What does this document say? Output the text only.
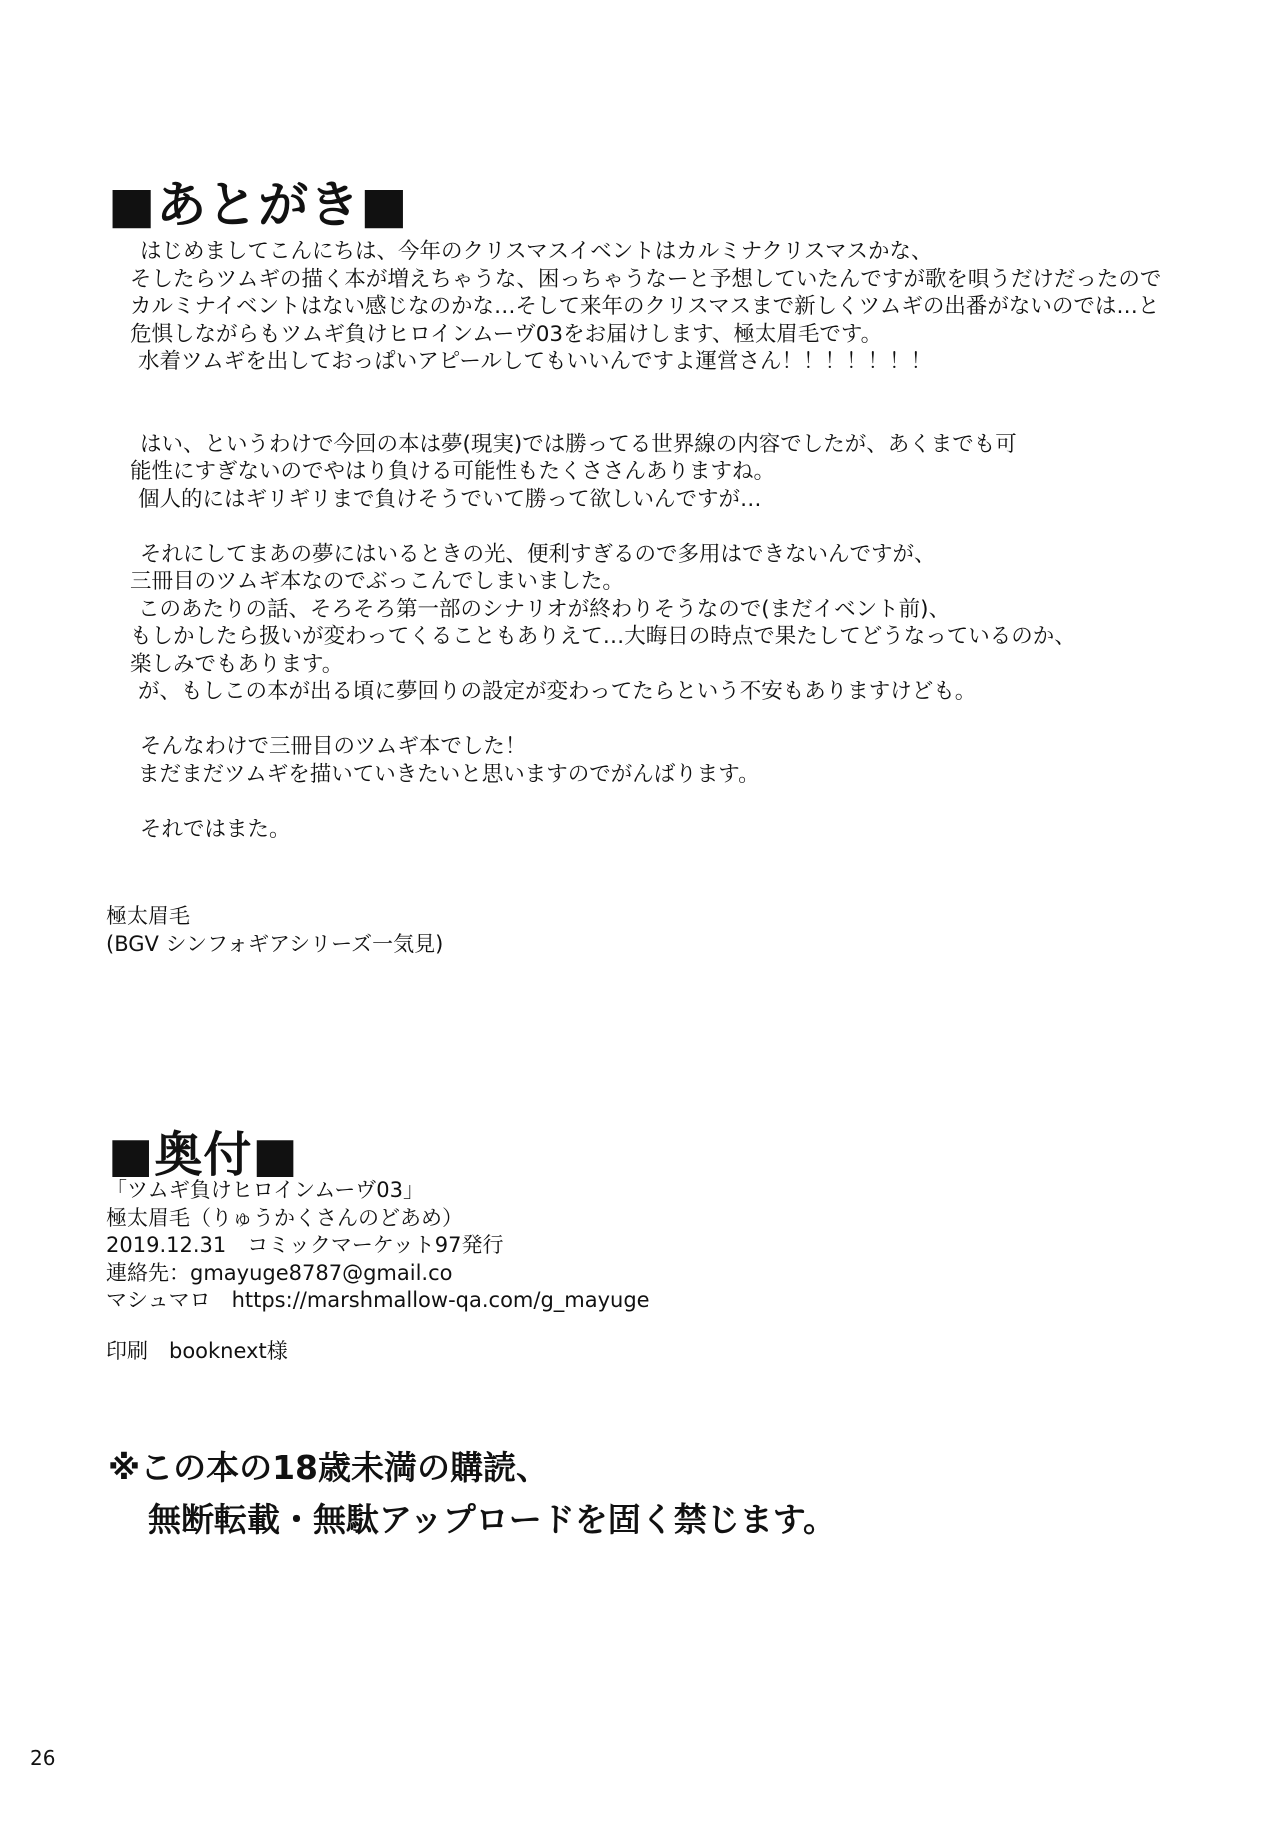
■あとがき■
はじめましてこんにちは、今年のクリスマスイベントはカルミナクリスマスかな、
そしたらツムギの描く本が増えちゃうな、困っちゃうなーと予想していたんですが歌を唄うだけだったので
カルミナイベントはない感じなのかな…そして来年のクリスマスまで新しくツムギの出番がないのでは…と
危惧しながらもツムギ負けヒロインムーヴ03をお届けします、極太眉毛です。
水着ツムギを出しておっぱいアピールしてもいいんですよ運営さん！！！！！！！
はい、というわけで今回の本は夢(現実)では勝ってる世界線の内容でしたが、あくまでも可
能性にすぎないのでやはり負ける可能性もたくささんありますね。
個人的にはギリギリまで負けそうでいて勝って欲しいんですが…
それにしてまあの夢にはいるときの光、便利すぎるので多用はできないんですが、
三冊目のツムギ本なのでぶっこんでしまいました。
このあたりの話、そろそろ第一部のシナリオが終わりそうなので(まだイベント前)、
もしかしたら扱いが変わってくることもありえて…大晦日の時点で果たしてどうなっているのか、
楽しみでもあります。
が、もしこの本が出る頃に夢回りの設定が変わってたらという不安もありますけども。
そんなわけで三冊目のツムギ本でした！
まだまだツムギを描いていきたいと思いますのでがんばります。
それではまた。
極太眉毛
(BGV シンフォギアシリーズ一気見)
■奥付■
「ツムギ負けヒロインムーヴ03」
極太眉毛（りゅうかくさんのどあめ）
2019.12.31　コミックマーケット97発行
連絡先：gmayuge8787@gmail.co
マシュマロ　https://marshmallow-qa.com/g_mayuge
印刷　booknext様
※この本の18歳未満の購読、
無断転載・無駄アップロードを固く禁じます。
26
